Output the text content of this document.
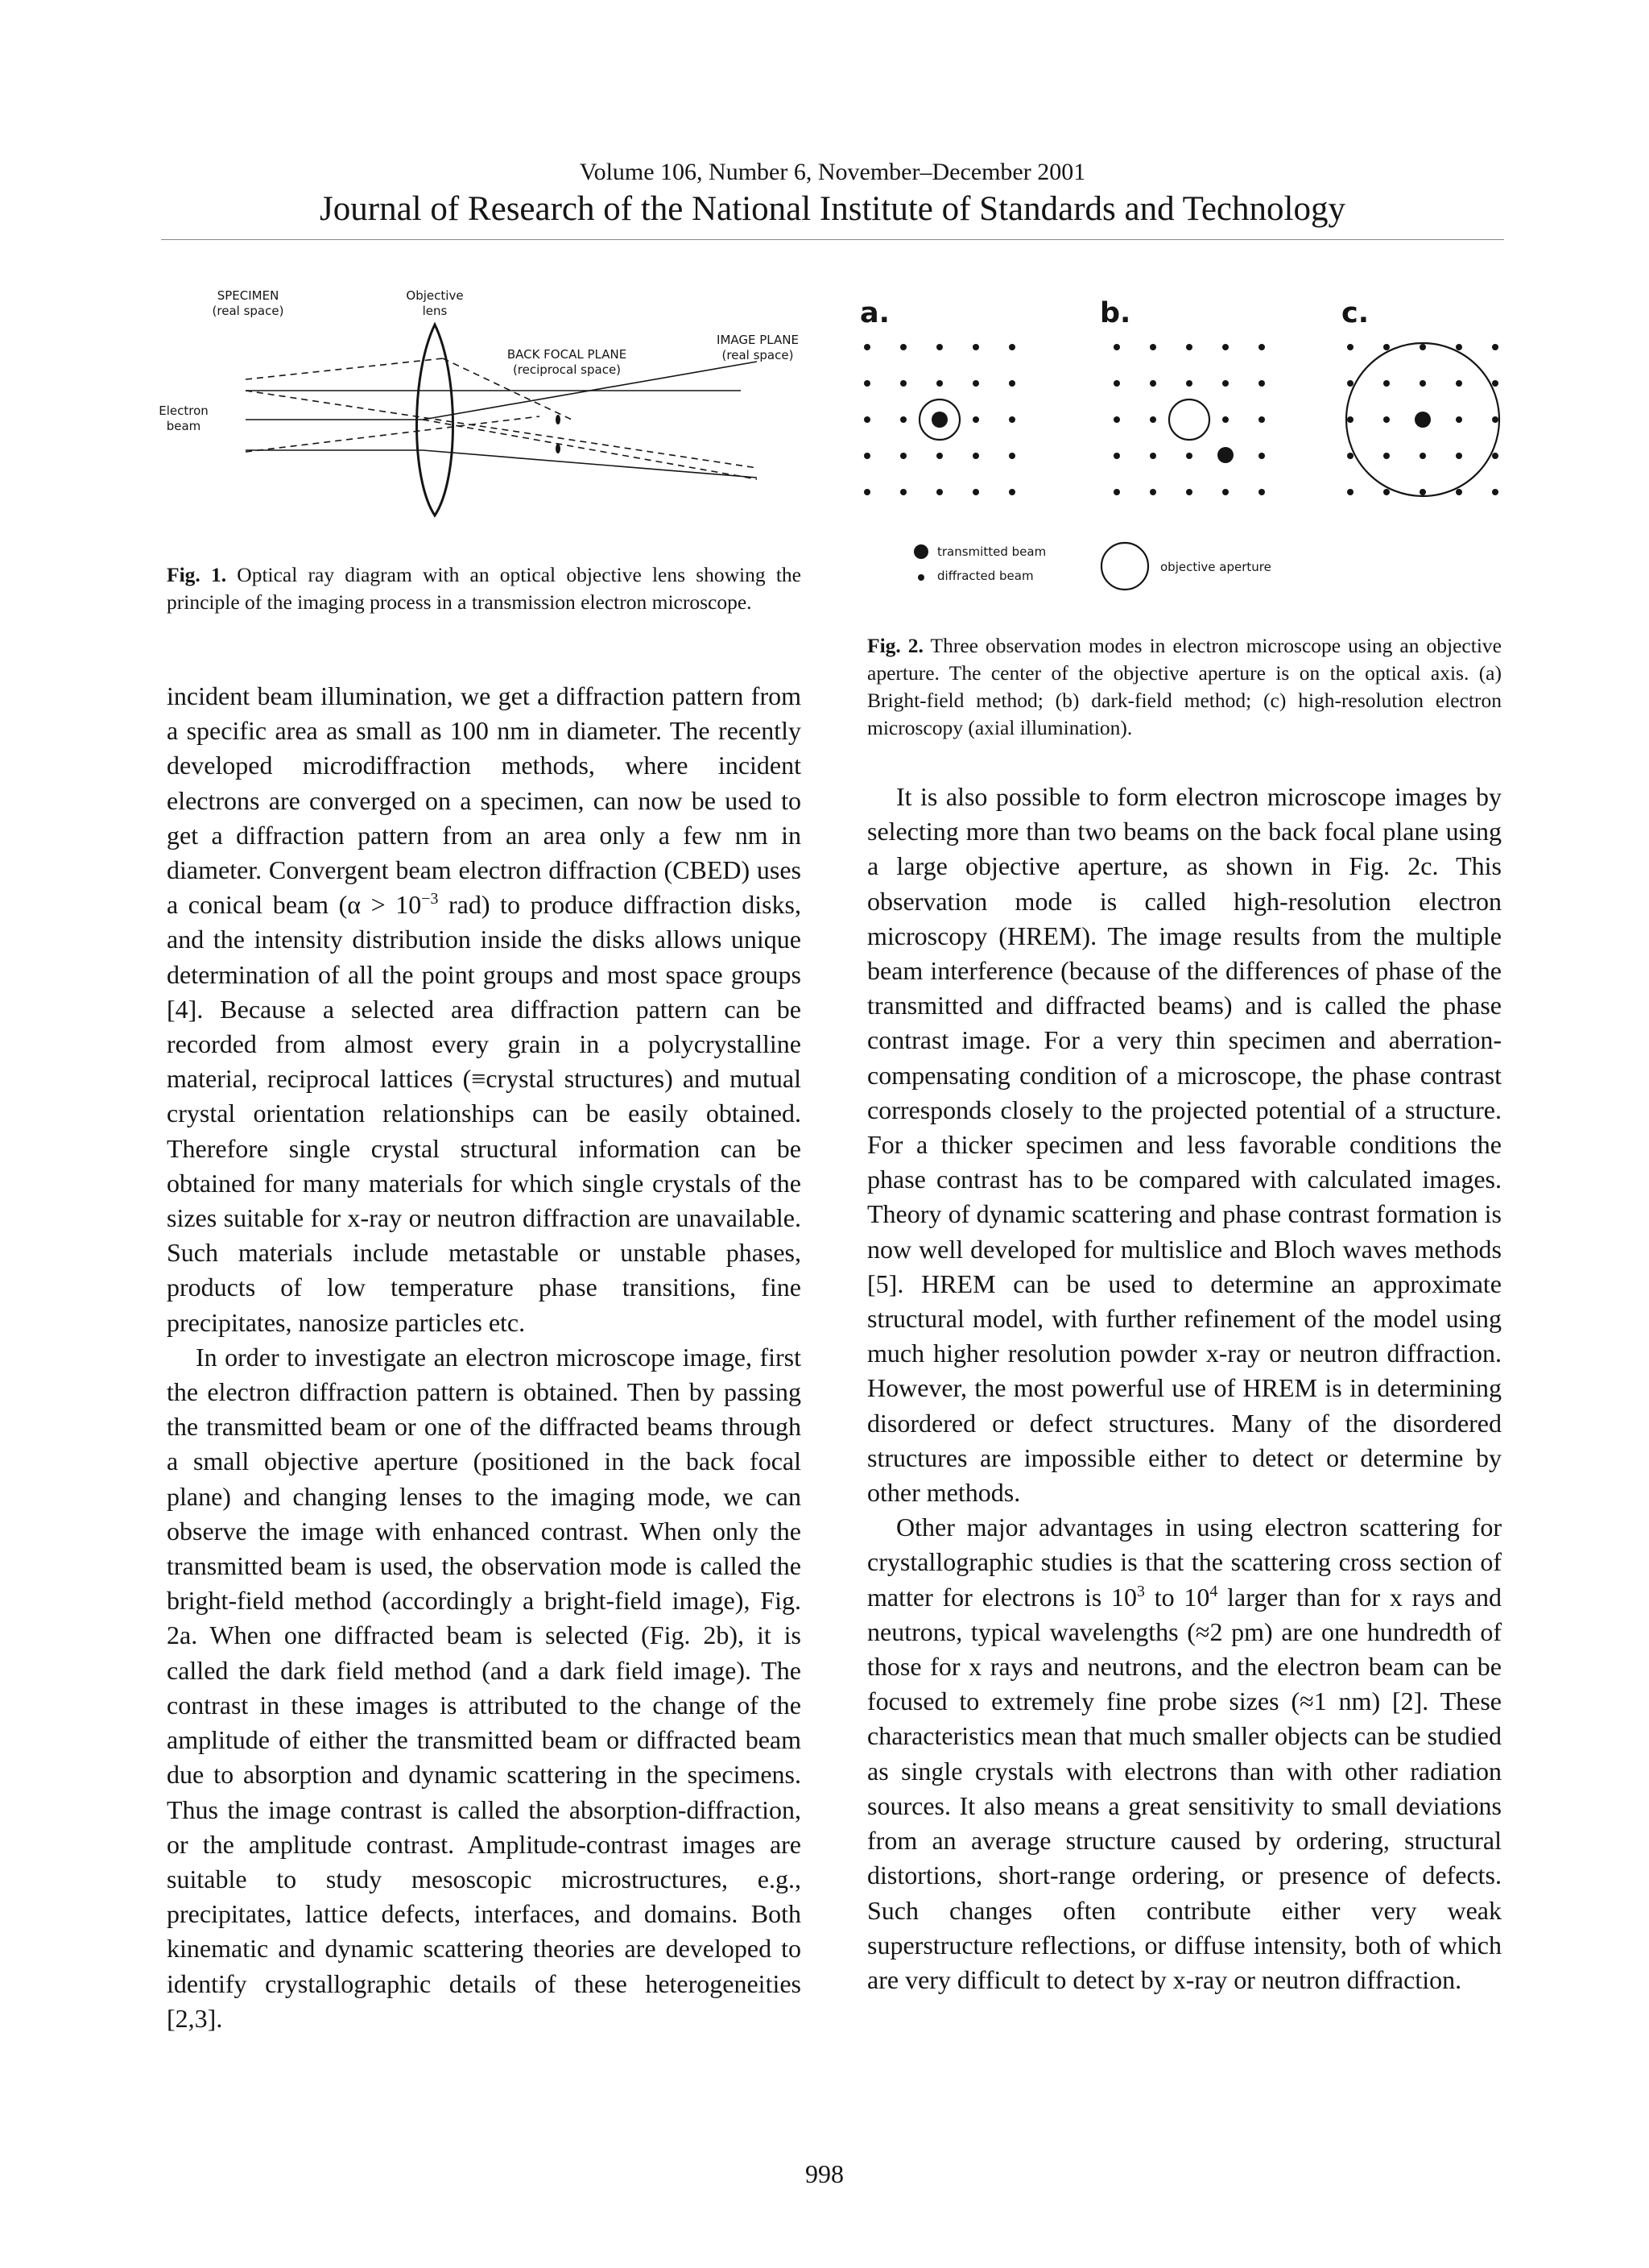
Volume 106, Number 6, November–December 2001
Journal of Research of the National Institute of Standards and Technology
SPECIMEN
(real space)
Objective
lens
BACK FOCAL PLANE
(reciprocal space)
IMAGE PLANE
(real space)
Electron
beam
a.	b.	c.
transmitted beam
diffracted beam
objective aperture
Fig. 1. Optical ray diagram with an optical objective lens showing the principle of the imaging process in a transmission electron microscope.
Fig. 2. Three observation modes in electron microscope using an objective aperture. The center of the objective aperture is on the optical axis. (a) Bright-field method; (b) dark-field method; (c) high-resolution electron microscopy (axial illumination).

incident beam illumination, we get a diffraction pattern from a specific area as small as 100 nm in diameter. The recently developed microdiffraction methods, where incident electrons are converged on a specimen, can now be used to get a diffraction pattern from an area only a few nm in diameter. Convergent beam electron diffraction (CBED) uses a conical beam ($\alpha > 10^{-3}$ rad) to produce diffraction disks, and the intensity distribution inside the disks allows unique determination of all the point groups and most space groups [4]. Because a selected area diffraction pattern can be recorded from almost every grain in a polycrystalline material, reciprocal lattices (≡crystal structures) and mutual crystal orientation relationships can be easily obtained. Therefore single crystal structural information can be obtained for many materials for which single crystals of the sizes suitable for x-ray or neutron diffraction are unavailable. Such materials include metastable or unstable phases, products of low temperature phase transitions, fine precipitates, nanosize particles etc.

In order to investigate an electron microscope image, first the electron diffraction pattern is obtained. Then by passing the transmitted beam or one of the diffracted beams through a small objective aperture (positioned in the back focal plane) and changing lenses to the imaging mode, we can observe the image with enhanced contrast. When only the transmitted beam is used, the observation mode is called the bright-field method (accordingly a bright-field image), Fig. 2a. When one diffracted beam is selected (Fig. 2b), it is called the dark field method (and a dark field image). The contrast in these images is attributed to the change of the amplitude of either the transmitted beam or diffracted beam due to absorption and dynamic scattering in the specimens. Thus the image contrast is called the absorption-diffraction, or the amplitude contrast. Amplitude-contrast images are suitable to study mesoscopic microstructures, e.g., precipitates, lattice defects, interfaces, and domains. Both kinematic and dynamic scattering theories are developed to identify crystallographic details of these heterogeneities [2,3].

It is also possible to form electron microscope images by selecting more than two beams on the back focal plane using a large objective aperture, as shown in Fig. 2c. This observation mode is called high-resolution electron microscopy (HREM). The image results from the multiple beam interference (because of the differences of phase of the transmitted and diffracted beams) and is called the phase contrast image. For a very thin specimen and aberration-compensating condition of a microscope, the phase contrast corresponds closely to the projected potential of a structure. For a thicker specimen and less favorable conditions the phase contrast has to be compared with calculated images. Theory of dynamic scattering and phase contrast formation is now well developed for multislice and Bloch waves methods [5]. HREM can be used to determine an approximate structural model, with further refinement of the model using much higher resolution powder x-ray or neutron diffraction. However, the most powerful use of HREM is in determining disordered or defect structures. Many of the disordered structures are impossible either to detect or determine by other methods.

Other major advantages in using electron scattering for crystallographic studies is that the scattering cross section of matter for electrons is $10^3$ to $10^4$ larger than for x rays and neutrons, typical wavelengths (≈2 pm) are one hundredth of those for x rays and neutrons, and the electron beam can be focused to extremely fine probe sizes (≈1 nm) [2]. These characteristics mean that much smaller objects can be studied as single crystals with electrons than with other radiation sources. It also means a great sensitivity to small deviations from an average structure caused by ordering, structural distortions, short-range ordering, or presence of defects. Such changes often contribute either very weak superstructure reflections, or diffuse intensity, both of which are very difficult to detect by x-ray or neutron diffraction.

998
